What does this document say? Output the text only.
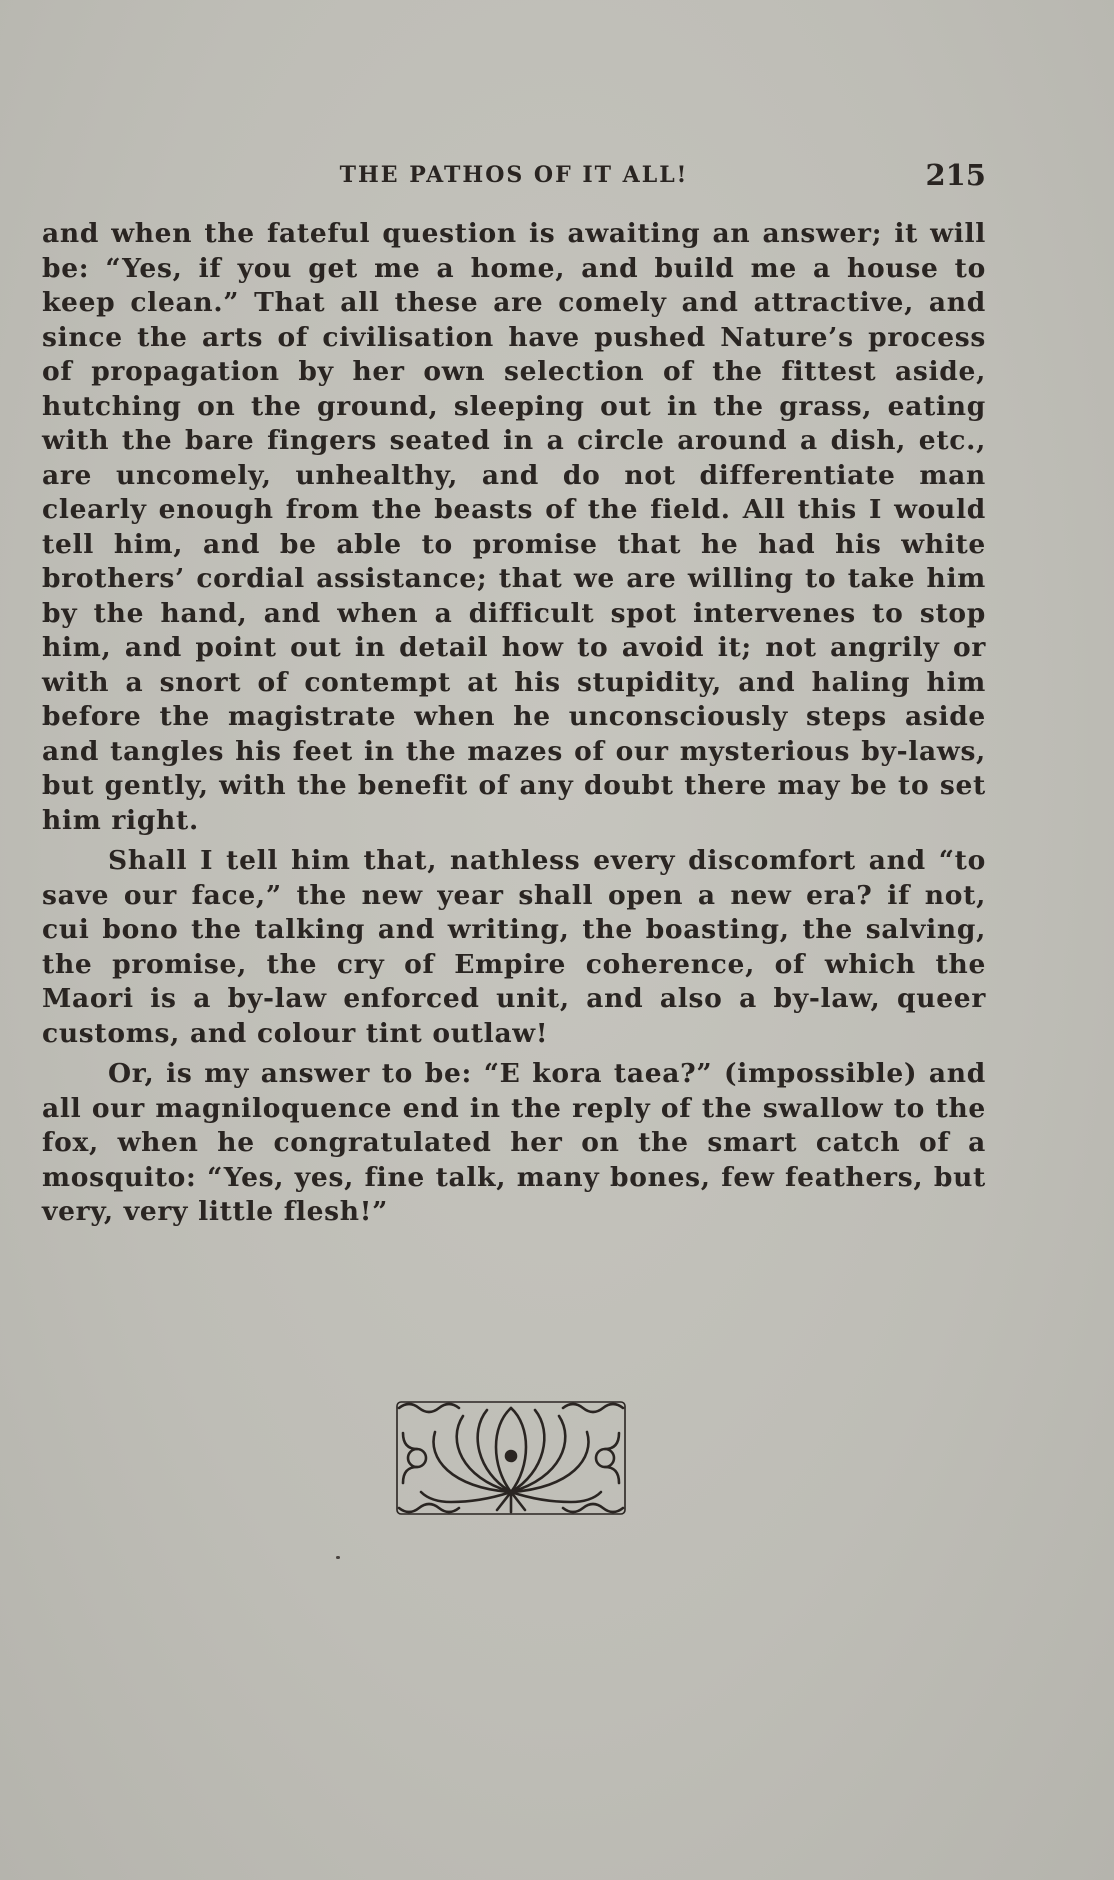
THE PATHOS OF IT ALL!	215

and when the fateful question is awaiting an answer; it will be: “Yes, if you get me a home, and build me a house to keep clean.” That all these are comely and attractive, and since the arts of civilisation have pushed Nature’s process of propagation by her own selection of the fittest aside, hutching on the ground, sleeping out in the grass, eating with the bare fingers seated in a circle around a dish, etc., are uncomely, unhealthy, and do not differentiate man clearly enough from the beasts of the field. All this I would tell him, and be able to promise that he had his white brothers’ cordial assistance; that we are willing to take him by the hand, and when a difficult spot intervenes to stop him, and point out in detail how to avoid it; not angrily or with a snort of contempt at his stupidity, and haling him before the magistrate when he unconsciously steps aside and tangles his feet in the mazes of our mysterious by-laws, but gently, with the benefit of any doubt there may be to set him right.

Shall I tell him that, nathless every discomfort and “to save our face,” the new year shall open a new era? if not, cui bono the talking and writing, the boasting, the salving, the promise, the cry of Empire coherence, of which the Maori is a by-law enforced unit, and also a by-law, queer customs, and colour tint outlaw!

Or, is my answer to be: “E kora taea?” (impossible) and all our magniloquence end in the reply of the swallow to the fox, when he congratulated her on the smart catch of a mosquito: “Yes, yes, fine talk, many bones, few feathers, but very, very little flesh!”
